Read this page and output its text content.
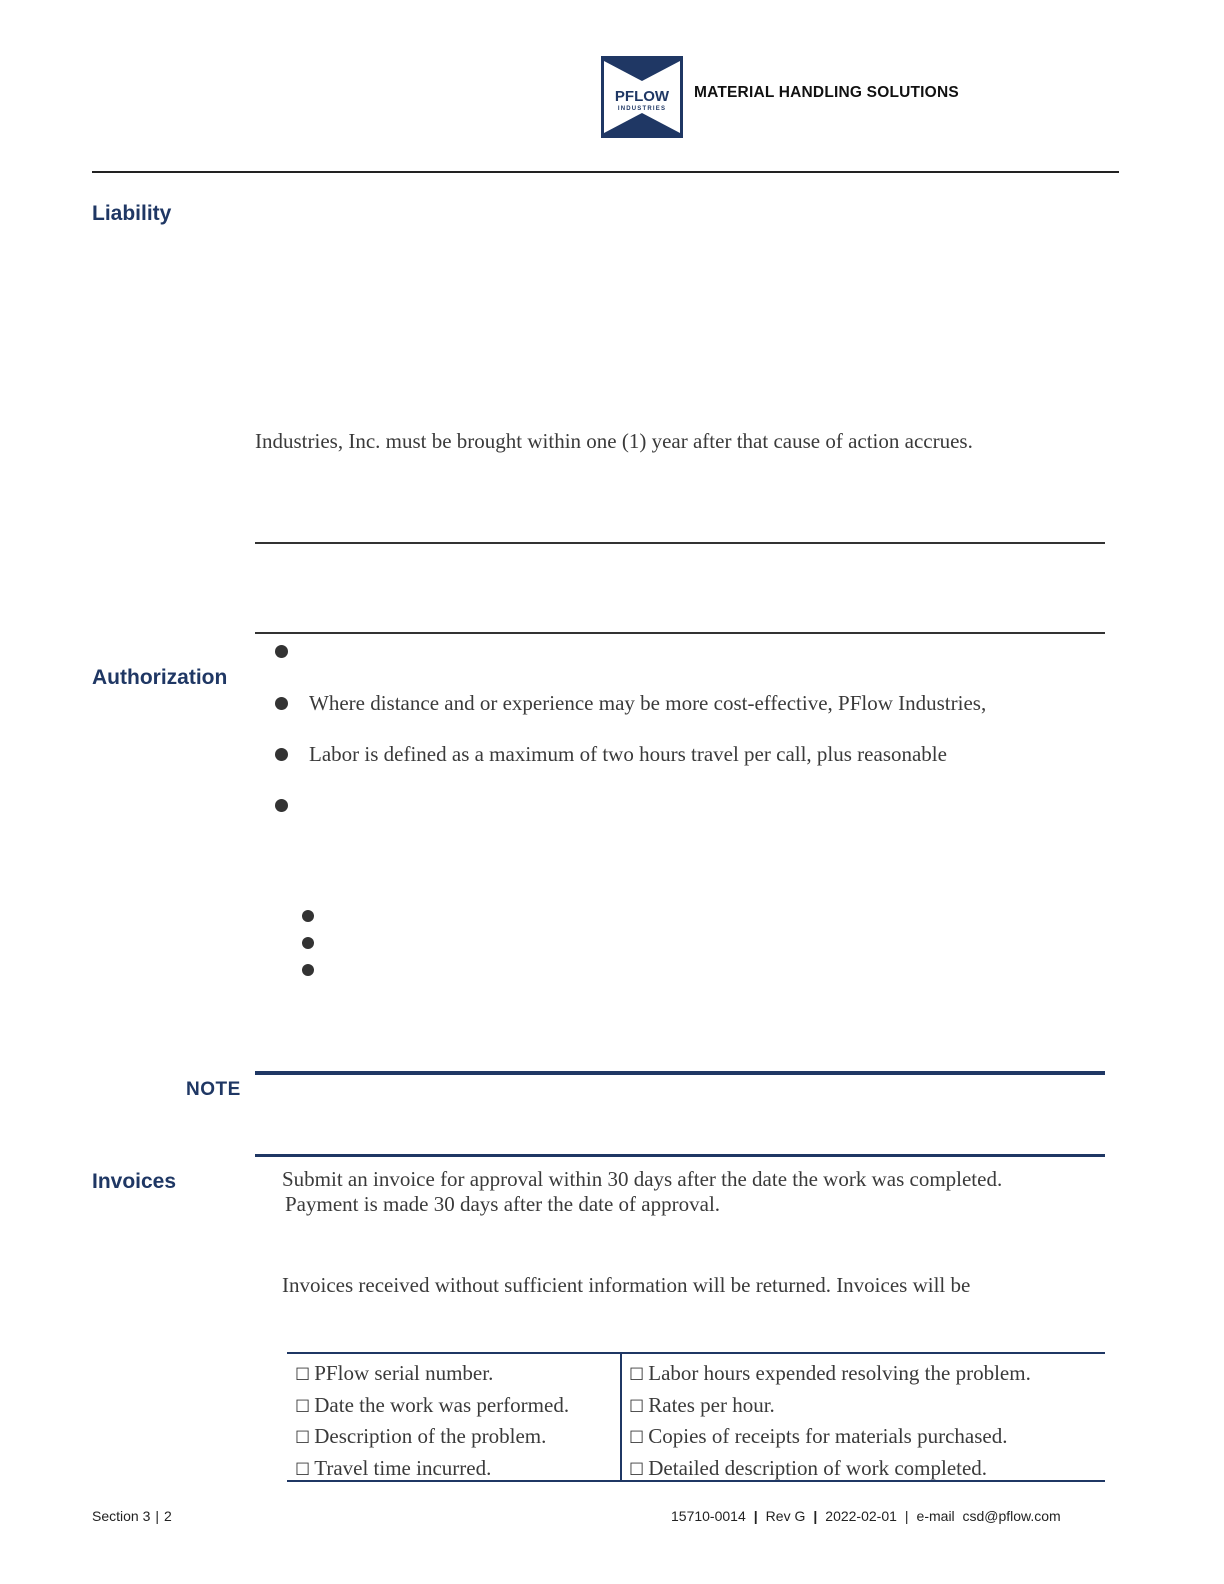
PFLOW
INDUSTRIES
MATERIAL HANDLING SOLUTIONS
Liability
Industries, Inc. must be brought within one (1) year after that cause of action accrues.
Authorization
Where distance and or experience may be more cost-effective, PFlow Industries,
Labor is defined as a maximum of two hours travel per call, plus reasonable
NOTE
Invoices	Submit an invoice for approval within 30 days after the date the work was completed.
Payment is made 30 days after the date of approval.
Invoices received without sufficient information will be returned. Invoices will be
☐ PFlow serial number.
☐ Date the work was performed.
☐ Description of the problem.
☐ Travel time incurred.
☐ Labor hours expended resolving the problem.
☐ Rates per hour.
☐ Copies of receipts for materials purchased.
☐ Detailed description of work completed.
Section 3 | 2	15710-0014 | Rev G | 2022-02-01 | e-mail csd@pflow.com
